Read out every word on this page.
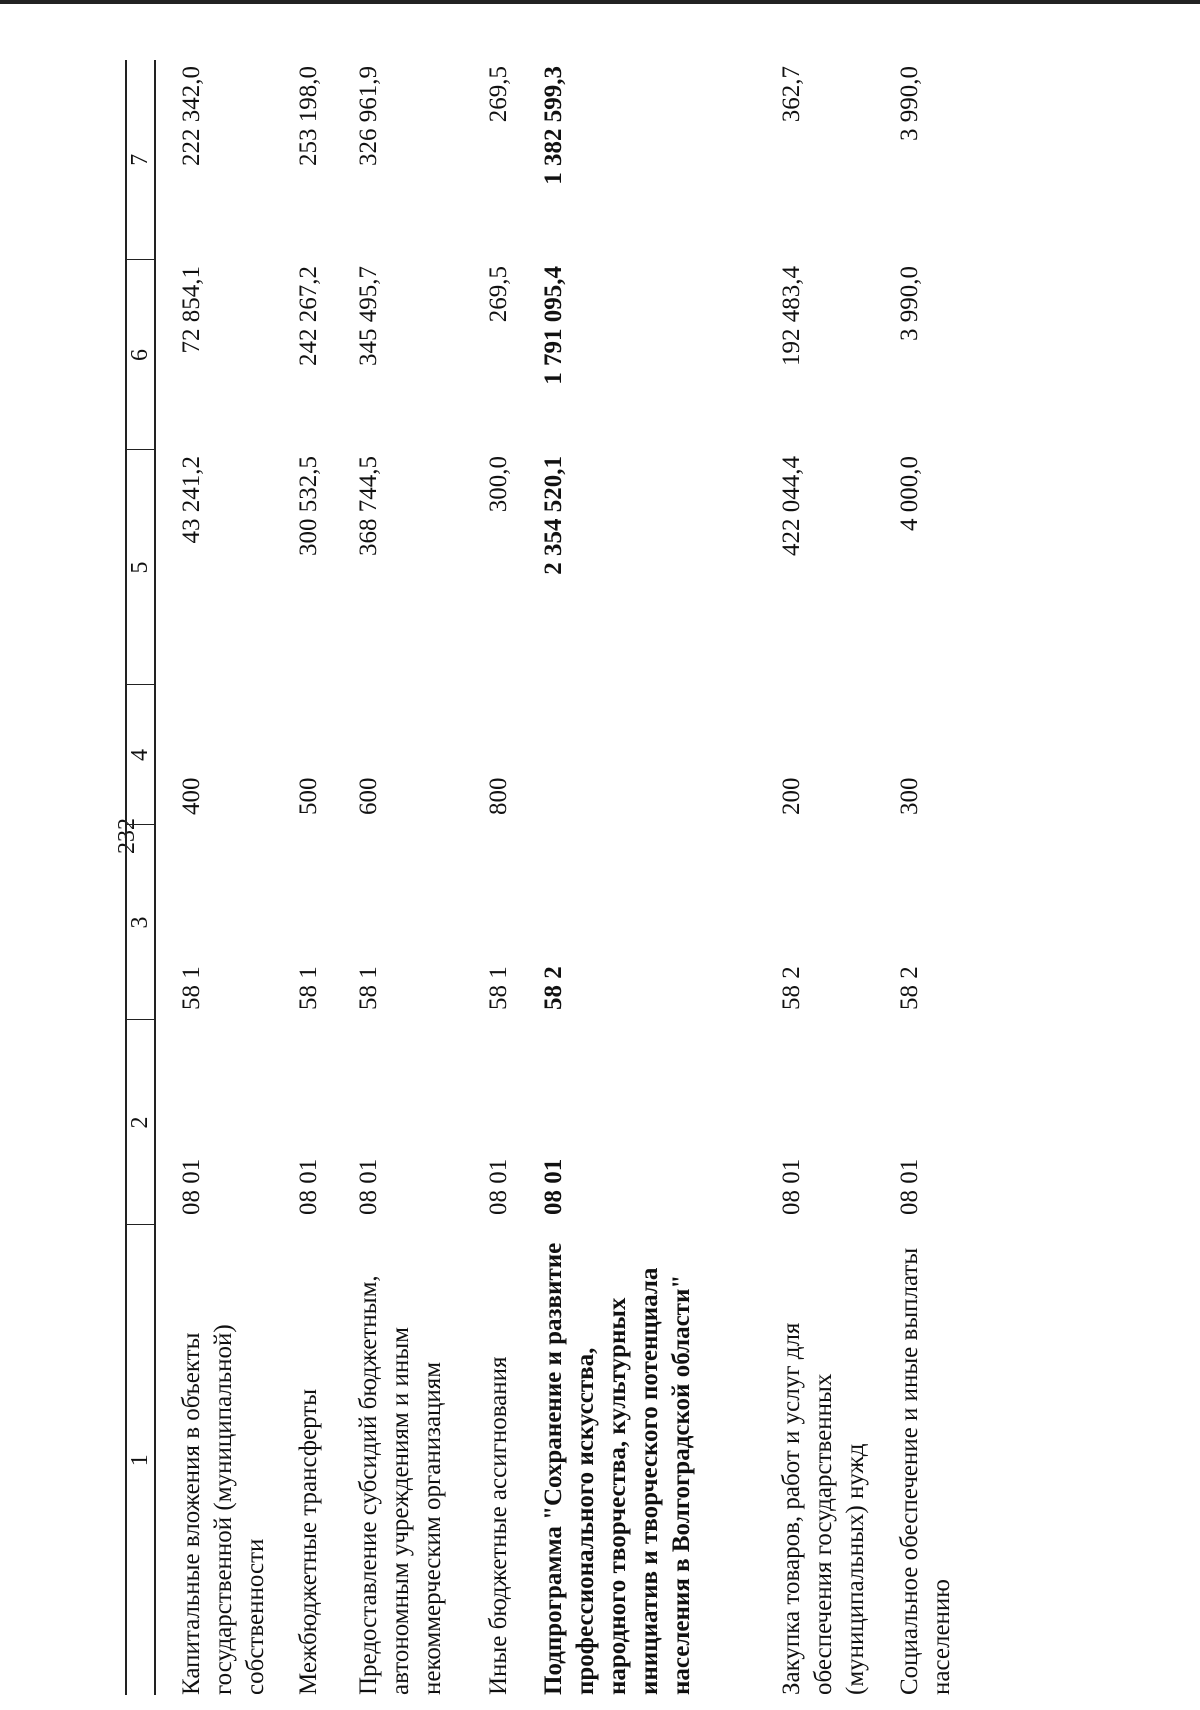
232
1	2	3	4	5	6	7
Капитальные вложения в объекты государственной (муниципальной) собственности	08 01	58 1	400	43 241,2	72 854,1	222 342,0
Межбюджетные трансферты	08 01	58 1	500	300 532,5	242 267,2	253 198,0
Предоставление субсидий бюджетным, автономным учреждениям и иным некоммерческим организациям	08 01	58 1	600	368 744,5	345 495,7	326 961,9
Иные бюджетные ассигнования	08 01	58 1	800	300,0	269,5	269,5
Подпрограмма "Сохранение и развитие профессионального искусства, народного творчества, культурных инициатив и творческого потенциала населения в Волгоградской области"	08 01	58 2		2 354 520,1	1 791 095,4	1 382 599,3
Закупка товаров, работ и услуг для обеспечения государственных (муниципальных) нужд	08 01	58 2	200	422 044,4	192 483,4	362,7
Социальное обеспечение и иные выплаты населению	08 01	58 2	300	4 000,0	3 990,0	3 990,0
